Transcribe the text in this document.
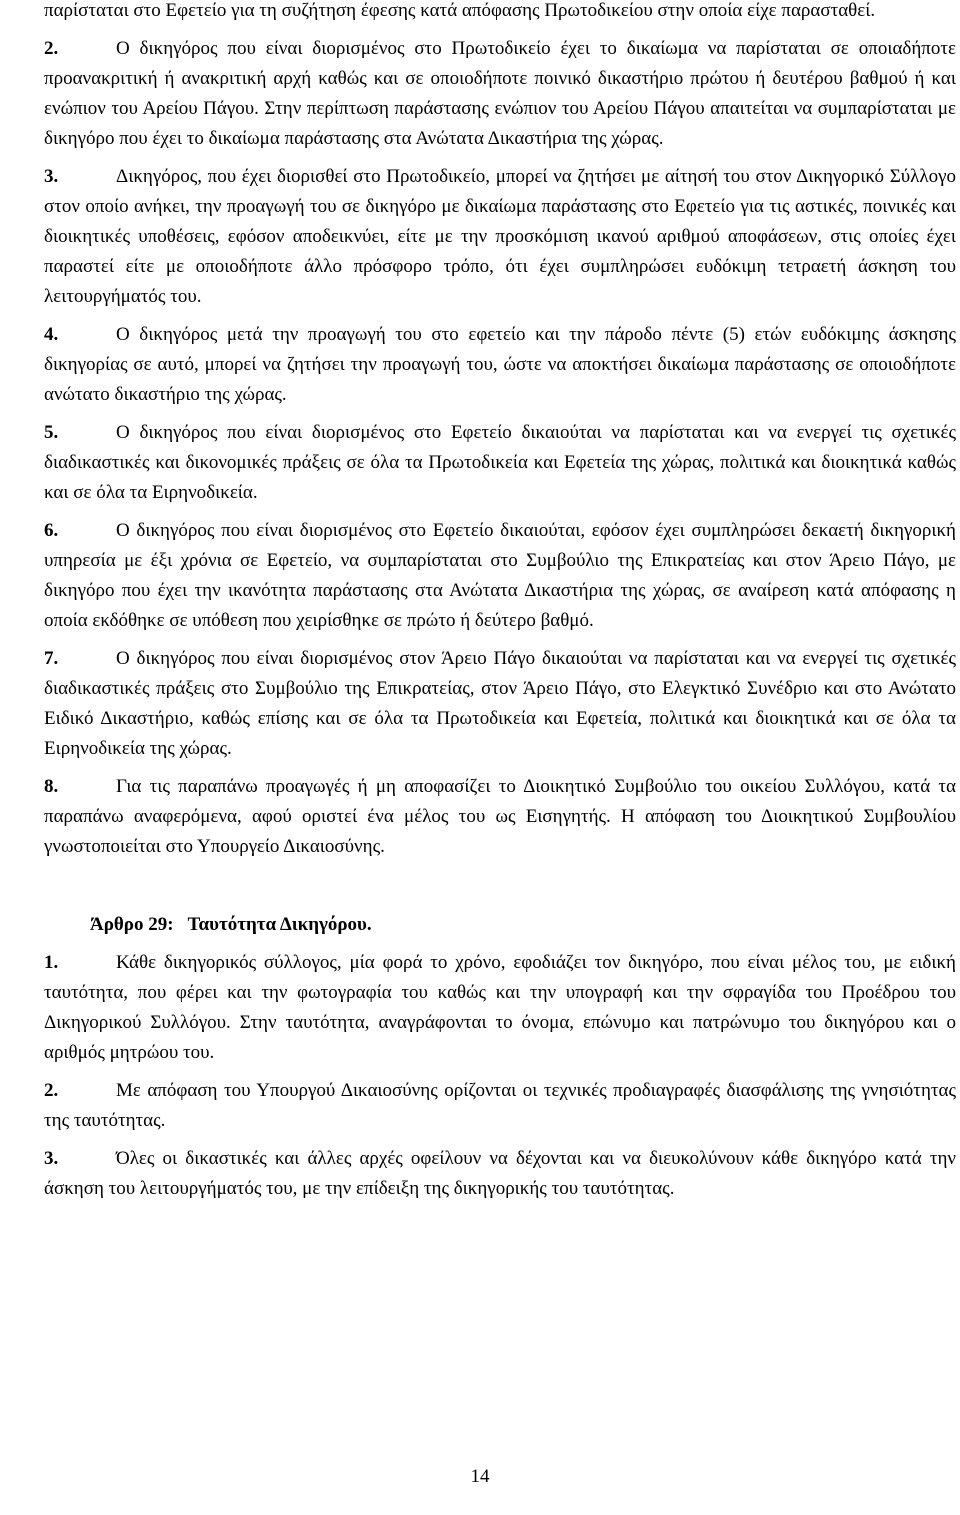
παρίσταται στο Εφετείο για τη συζήτηση έφεσης κατά απόφασης Πρωτοδικείου στην οποία είχε παρασταθεί.
2.	Ο δικηγόρος που είναι διορισμένος στο Πρωτοδικείο έχει το δικαίωμα να παρίσταται σε οποιαδήποτε προανακριτική ή ανακριτική αρχή καθώς και σε οποιοδήποτε ποινικό δικαστήριο πρώτου ή δευτέρου βαθμού ή και ενώπιον του Αρείου Πάγου. Στην περίπτωση παράστασης ενώπιον του Αρείου Πάγου απαιτείται να συμπαρίσταται με δικηγόρο που έχει το δικαίωμα παράστασης στα Ανώτατα Δικαστήρια της χώρας.
3.	Δικηγόρος, που έχει διορισθεί στο Πρωτοδικείο, μπορεί να ζητήσει με αίτησή του στον Δικηγορικό Σύλλογο στον οποίο ανήκει, την προαγωγή του σε δικηγόρο με δικαίωμα παράστασης στο Εφετείο για τις αστικές, ποινικές και διοικητικές υποθέσεις, εφόσον αποδεικνύει, είτε με την προσκόμιση ικανού αριθμού αποφάσεων, στις οποίες έχει παραστεί είτε με οποιοδήποτε άλλο πρόσφορο τρόπο, ότι έχει συμπληρώσει ευδόκιμη τετραετή άσκηση του λειτουργήματός του.
4.	Ο δικηγόρος μετά την προαγωγή του στο εφετείο και την πάροδο πέντε (5) ετών ευδόκιμης άσκησης δικηγορίας σε αυτό, μπορεί να ζητήσει την προαγωγή του, ώστε να αποκτήσει δικαίωμα παράστασης σε οποιοδήποτε ανώτατο δικαστήριο της χώρας.
5.	Ο δικηγόρος που είναι διορισμένος στο Εφετείο δικαιούται να παρίσταται και να ενεργεί τις σχετικές διαδικαστικές και δικονομικές πράξεις σε όλα τα Πρωτοδικεία και Εφετεία της χώρας, πολιτικά και διοικητικά καθώς και σε όλα τα Ειρηνοδικεία.
6.	Ο δικηγόρος που είναι διορισμένος στο Εφετείο δικαιούται, εφόσον έχει συμπληρώσει δεκαετή δικηγορική υπηρεσία με έξι χρόνια σε Εφετείο, να συμπαρίσταται στο Συμβούλιο της Επικρατείας και στον Άρειο Πάγο, με δικηγόρο που έχει την ικανότητα παράστασης στα Ανώτατα Δικαστήρια της χώρας, σε αναίρεση κατά απόφασης η οποία εκδόθηκε σε υπόθεση που χειρίσθηκε σε πρώτο ή δεύτερο βαθμό.
7.	Ο δικηγόρος που είναι διορισμένος στον Άρειο Πάγο δικαιούται να παρίσταται και να ενεργεί τις σχετικές διαδικαστικές πράξεις στο Συμβούλιο της Επικρατείας, στον Άρειο Πάγο, στο Ελεγκτικό Συνέδριο και στο Ανώτατο Ειδικό Δικαστήριο, καθώς επίσης και σε όλα τα Πρωτοδικεία και Εφετεία, πολιτικά και διοικητικά και σε όλα τα Ειρηνοδικεία της χώρας.
8.	Για τις παραπάνω προαγωγές ή μη αποφασίζει το Διοικητικό Συμβούλιο του οικείου Συλλόγου, κατά τα παραπάνω αναφερόμενα, αφού οριστεί ένα μέλος του ως Εισηγητής. Η απόφαση του Διοικητικού Συμβουλίου γνωστοποιείται στο Υπουργείο Δικαιοσύνης.
Άρθρο 29: Ταυτότητα Δικηγόρου.
1.	Κάθε δικηγορικός σύλλογος, μία φορά το χρόνο, εφοδιάζει τον δικηγόρο, που είναι μέλος του, με ειδική ταυτότητα, που φέρει και την φωτογραφία του καθώς και την υπογραφή και την σφραγίδα του Προέδρου του Δικηγορικού Συλλόγου. Στην ταυτότητα, αναγράφονται το όνομα, επώνυμο και πατρώνυμο του δικηγόρου και ο αριθμός μητρώου του.
2.	Με απόφαση του Υπουργού Δικαιοσύνης ορίζονται οι τεχνικές προδιαγραφές διασφάλισης της γνησιότητας της ταυτότητας.
3.	Όλες οι δικαστικές και άλλες αρχές οφείλουν να δέχονται και να διευκολύνουν κάθε δικηγόρο κατά την άσκηση του λειτουργήματός του, με την επίδειξη της δικηγορικής του ταυτότητας.
14
